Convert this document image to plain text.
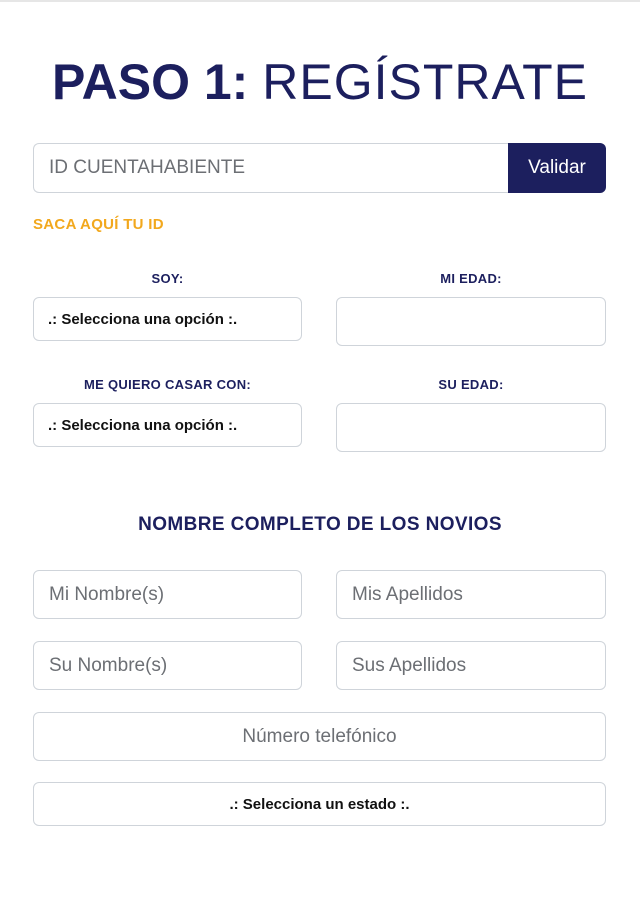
PASO 1: REGÍSTRATE
ID CUENTAHABIENTE
Validar
SACA AQUÍ TU ID
SOY:	MI EDAD:
.: Selecciona una opción :.
ME QUIERO CASAR CON:	SU EDAD:
.: Selecciona una opción :.
NOMBRE COMPLETO DE LOS NOVIOS
Mi Nombre(s)
Mis Apellidos
Su Nombre(s)
Sus Apellidos
Número telefónico
.: Selecciona un estado :.
